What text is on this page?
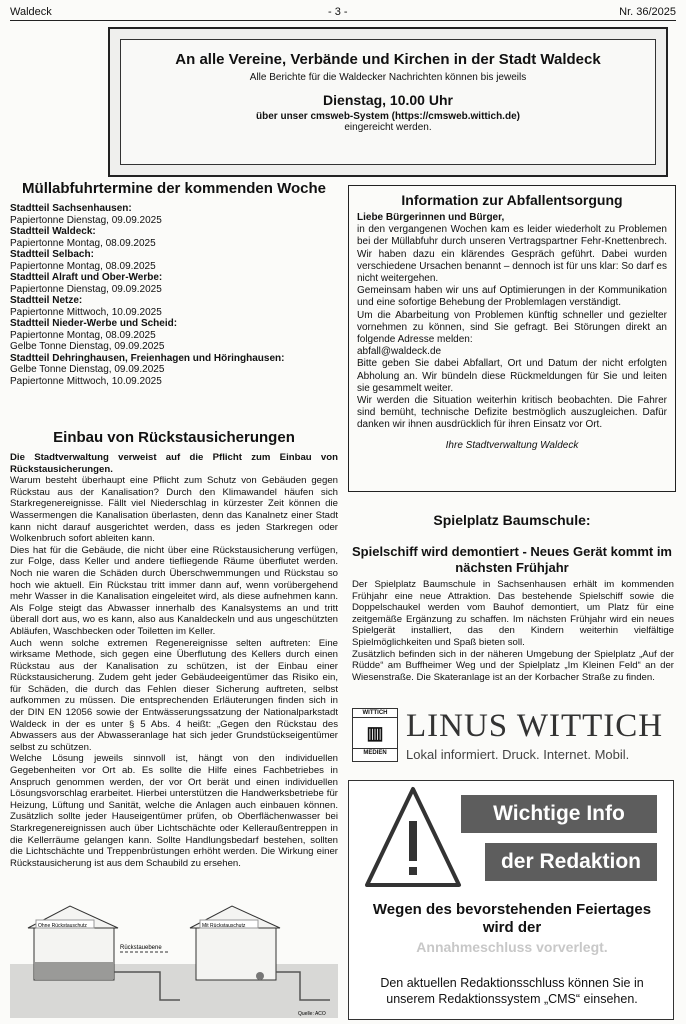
Waldeck	- 3 -	Nr. 36/2025
An alle Vereine, Verbände und Kirchen in der Stadt Waldeck
Alle Berichte für die Waldecker Nachrichten können bis jeweils
Dienstag, 10.00 Uhr
über unser cmsweb-System (https://cmsweb.wittich.de)
eingereicht werden.
Müllabfuhrtermine der kommenden Woche
Stadtteil Sachsenhausen:
Papiertonne Dienstag, 09.09.2025
Stadtteil Waldeck:
Papiertonne Montag, 08.09.2025
Stadtteil Selbach:
Papiertonne Montag, 08.09.2025
Stadtteil Alraft und Ober-Werbe:
Papiertonne Dienstag, 09.09.2025
Stadtteil Netze:
Papiertonne Mittwoch, 10.09.2025
Stadtteil Nieder-Werbe und Scheid:
Papiertonne Montag, 08.09.2025
Gelbe Tonne Dienstag, 09.09.2025
Stadtteil Dehringhausen, Freienhagen und Höringhausen:
Gelbe Tonne Dienstag, 09.09.2025
Papiertonne Mittwoch, 10.09.2025
Einbau von Rückstausicherungen

Die Stadtverwaltung verweist auf die Pflicht zum Einbau von Rückstausicherungen.

Warum besteht überhaupt eine Pflicht zum Schutz von Gebäuden gegen Rückstau aus der Kanalisation? Durch den Klimawandel häufen sich Starkregenereignisse. Fällt viel Niederschlag in kürzester Zeit können die Wassermengen die Kanalisation überlasten, denn das Kanalnetz einer Stadt kann nicht darauf ausgerichtet werden, dass es jeden Starkregen oder Wolkenbruch sofort ableiten kann.

Dies hat für die Gebäude, die nicht über eine Rückstausicherung verfügen, zur Folge, dass Keller und andere tiefliegende Räume überflutet werden. Noch nie waren die Schäden durch Überschwemmungen und Rückstau so hoch wie aktuell. Ein Rückstau tritt immer dann auf, wenn vorübergehend mehr Wasser in die Kanalisation eingeleitet wird, als diese aufnehmen kann. Als Folge steigt das Abwasser innerhalb des Kanalsystems an und tritt überall dort aus, wo es kann, also aus Kanaldeckeln und aus ungeschützten Abläufen, Waschbecken oder Toiletten im Keller.

Auch wenn solche extremen Regenereignisse selten auftreten: Eine wirksame Methode, sich gegen eine Überflutung des Kellers durch einen Rückstau aus der Kanalisation zu schützen, ist der Einbau einer Rückstausicherung. Zudem geht jeder Gebäudeeigentümer das Risiko ein, für Schäden, die durch das Fehlen dieser Sicherung auftreten, selbst aufkommen zu müssen. Die entsprechenden Erläuterungen finden sich in der DIN EN 12056 sowie der Entwässerungssatzung der Nationalparkstadt Waldeck in der es unter § 5 Abs. 4 heißt: „Gegen den Rückstau des Abwassers aus der Abwasseranlage hat sich jeder Grundstückseigentümer selbst zu schützen.

Welche Lösung jeweils sinnvoll ist, hängt von den individuellen Gegebenheiten vor Ort ab. Es sollte die Hilfe eines Fachbetriebes in Anspruch genommen werden, der vor Ort berät und einen individuellen Lösungsvorschlag erarbeitet. Hierbei unterstützen die Handwerksbetriebe für Heizung, Lüftung und Sanität, welche die Anlagen auch einbauen können. Zusätzlich sollte jeder Hauseigentümer prüfen, ob Oberflächenwasser bei Starkregenereignissen auch über Lichtschächte oder Kelleraußentreppen in die Kellerräume gelangen kann. Sollte Handlungsbedarf bestehen, sollten die Lichtschächte und Treppenbrüstungen erhöht werden. Die Wirkung einer Rückstausicherung ist aus dem Schaubild zu ersehen.

Ohne Rückstauschutz	Mit Rückstauschutz
Rückstauebene
Quelle: ACO
Information zur Abfallentsorgung

Liebe Bürgerinnen und Bürger,

in den vergangenen Wochen kam es leider wiederholt zu Problemen bei der Müllabfuhr durch unseren Vertragspartner Fehr-Knettenbrech. Wir haben dazu ein klärendes Gespräch geführt. Dabei wurden verschiedene Ursachen benannt – dennoch ist für uns klar: So darf es nicht weitergehen.

Gemeinsam haben wir uns auf Optimierungen in der Kommunikation und eine sofortige Behebung der Problemlagen verständigt.

Um die Abarbeitung von Problemen künftig schneller und gezielter vornehmen zu können, sind Sie gefragt. Bei Störungen direkt an folgende Adresse melden:

abfall@waldeck.de

Bitte geben Sie dabei Abfallart, Ort und Datum der nicht erfolgten Abholung an. Wir bündeln diese Rückmeldungen für Sie und leiten sie gesammelt weiter.

Wir werden die Situation weiterhin kritisch beobachten. Die Fahrer sind bemüht, technische Defizite bestmöglich auszugleichen. Dafür danken wir ihnen ausdrücklich für ihren Einsatz vor Ort.

Ihre Stadtverwaltung Waldeck

Spielplatz Baumschule:
Spielschiff wird demontiert - Neues Gerät kommt im nächsten Frühjahr

Der Spielplatz Baumschule in Sachsenhausen erhält im kommenden Frühjahr eine neue Attraktion. Das bestehende Spielschiff sowie die Doppelschaukel werden vom Bauhof demontiert, um Platz für eine zeitgemäße Ergänzung zu schaffen. Im nächsten Frühjahr wird ein neues Spielgerät installiert, das den Kindern weiterhin vielfältige Spielmöglichkeiten und Spaß bieten soll.

Zusätzlich befinden sich in der näheren Umgebung der Spielplatz „Auf der Rüdde“ am Buffheimer Weg und der Spielplatz „Im Kleinen Feld“ an der Wiesenstraße. Die Skateranlage ist an der Korbacher Straße zu finden.

WITTICH
▥
MEDIEN
LINUS WITTICH
Lokal informiert. Druck. Internet. Mobil.
Wichtige Info
der Redaktion
Wegen des bevorstehenden Feiertages wird der
Annahmeschluss vorverlegt.
Den aktuellen Redaktionsschluss können Sie in unserem Redaktionssystem „CMS“ einsehen.
